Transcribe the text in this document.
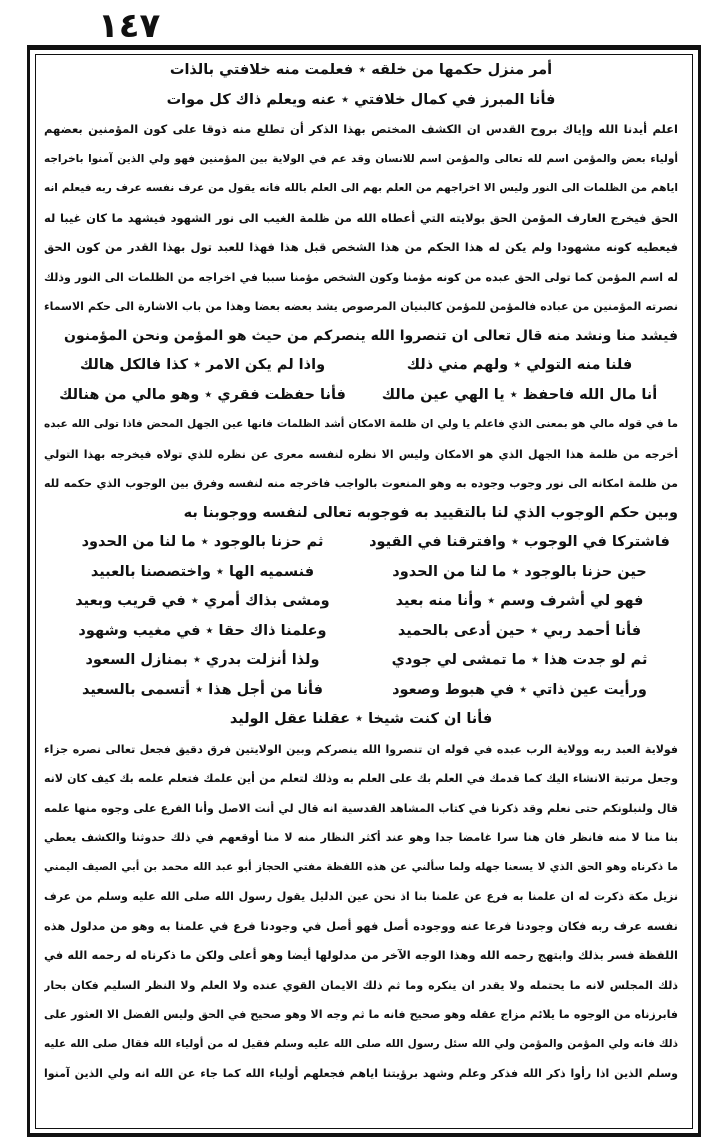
١٤٧
أمر منزل حكمها من خلقه ٭ فعلمت منه خلافتي بالذات
فأنا المبرز في كمال خلافتي ٭ عنه ويعلم ذاك كل موات
اعلم أيدنا الله وإياك بروح القدس ان الكشف المختص بهذا الذكر أن تطلع منه ذوقا على كون المؤمنين بعضهم
أولياء بعض والمؤمن اسم لله تعالى والمؤمن اسم للانسان وقد عم في الولاية بين المؤمنين فهو ولي الذين آمنوا باخراجه
اياهم من الظلمات الى النور وليس الا اخراجهم من العلم بهم الى العلم بالله فانه يقول من عرف نفسه عرف ربه فيعلم انه
الحق فيخرج العارف المؤمن الحق بولايته التي أعطاه الله من ظلمة الغيب الى نور الشهود فيشهد ما كان غيبا له
فيعطيه كونه مشهودا ولم يكن له هذا الحكم من هذا الشخص قبل هذا فهذا للعبد تول بهذا القدر من كون الحق
له اسم المؤمن كما تولى الحق عبده من كونه مؤمنا وكون الشخص مؤمنا سببا في اخراجه من الظلمات الى النور وذلك
نصرته المؤمنين من عباده فالمؤمن للمؤمن كالبنيان المرصوص يشد بعضه بعضا وهذا من باب الاشارة الى حكم الاسماء
فيشد منا ونشد منه قال تعالى ان تنصروا الله ينصركم من حيث هو المؤمن ونحن المؤمنون
فلنا منه التولي ٭ ولهم مني ذلك
واذا لم يكن الامر ٭ كذا فالكل هالك
أنا مال الله فاحفظ ٭ يا الهي عين مالك
فأنا حفظت فقري ٭ وهو مالي من هنالك
ما في قوله مالي هو بمعنى الذي فاعلم يا ولي ان ظلمة الامكان أشد الظلمات فانها عين الجهل المحض فاذا تولى الله عبده
أخرجه من ظلمة هذا الجهل الذي هو الامكان وليس الا نظره لنفسه معرى عن نظره للذي تولاه فيخرجه بهذا التولي
من ظلمة امكانه الى نور وجوب وجوده به وهو المنعوت بالواجب فاخرجه منه لنفسه وفرق بين الوجوب الذي حكمه لله
وبين حكم الوجوب الذي لنا بالتقييد به فوجوبه تعالى لنفسه ووجوبنا به
فاشتركا في الوجوب ٭ وافترقنا في القيود
ثم حزنا بالوجود ٭ ما لنا من الحدود
حين حزنا بالوجود ٭ ما لنا من الحدود
فنسميه الها ٭ واختصصنا بالعبيد
فهو لي أشرف وسم ٭ وأنا منه بعيد
ومشى بذاك أمري ٭ في قريب وبعيد
فأنا أحمد ربي ٭ حين أدعى بالحميد
وعلمنا ذاك حقا ٭ في مغيب وشهود
ثم لو جدت هذا ٭ ما تمشى لي جودي
ولذا أنزلت بدري ٭ بمنازل السعود
ورأيت عين ذاتي ٭ في هبوط وصعود
فأنا من أجل هذا ٭ أتسمى بالسعيد
فأنا ان كنت شيخا ٭ عقلنا عقل الوليد
فولاية العبد ربه وولاية الرب عبده في قوله ان تنصروا الله ينصركم وبين الولايتين فرق دقيق فجعل تعالى نصره جزاء
وجعل مرتبة الانشاء اليك كما قدمك في العلم بك على العلم به وذلك لتعلم من أين علمك فتعلم علمه بك كيف كان لانه
قال ولنبلونكم حتى نعلم وقد ذكرنا في كتاب المشاهد القدسية انه قال لي أنت الاصل وأنا الفرع على وجوه منها علمه
بنا منا لا منه فانظر فان هنا سرا غامضا جدا وهو عند أكثر النظار منه لا منا أوقعهم في ذلك حدوثنا والكشف يعطي
ما ذكرناه وهو الحق الذي لا يسعنا جهله ولما سألني عن هذه اللفظة مفتي الحجاز أبو عبد الله محمد بن أبي الصيف اليمني
نزيل مكة ذكرت له ان علمنا به فرع عن علمنا بنا اذ نحن عين الدليل يقول رسول الله صلى الله عليه وسلم من عرف
نفسه عرف ربه فكان وجودنا فرعا عنه ووجوده أصل فهو أصل في وجودنا فرع في علمنا به وهو من مدلول هذه
اللفظة فسر بذلك وابتهج رحمه الله وهذا الوجه الآخر من مدلولها أيضا وهو أعلى ولكن ما ذكرناه له رحمه الله في
ذلك المجلس لانه ما يحتمله ولا يقدر ان ينكره وما ثم ذلك الايمان القوي عنده ولا العلم ولا النظر السليم فكان بحار
فابرزناه من الوجوه ما يلائم مزاج عقله وهو صحيح فانه ما ثم وجه الا وهو صحيح في الحق وليس الفضل الا العثور على
ذلك فانه ولي المؤمن والمؤمن ولي الله سئل رسول الله صلى الله عليه وسلم فقيل له من أولياء الله فقال صلى الله عليه
وسلم الذين اذا رأوا ذكر الله فذكر وعلم وشهد برؤيتنا اياهم فجعلهم أولياء الله كما جاء عن الله انه ولي الذين آمنوا
